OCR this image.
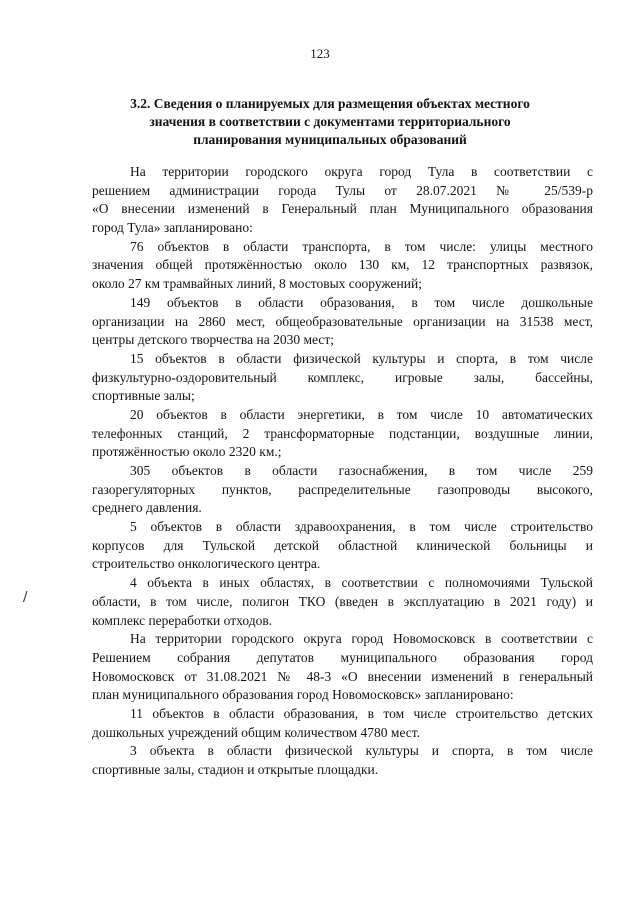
123
3.2. Сведения о планируемых для размещения объектах местного
значения в соответствии с документами территориального
планирования муниципальных образований
На территории городского округа город Тула в соответствии с
решением администрации города Тулы от 28.07.2021 № 25/539-р
«О внесении изменений в Генеральный план Муниципального образования
город Тула» запланировано:
76 объектов в области транспорта, в том числе: улицы местного
значения общей протяжённостью около 130 км, 12 транспортных развязок,
около 27 км трамвайных линий, 8 мостовых сооружений;
149 объектов в области образования, в том числе дошкольные
организации на 2860 мест, общеобразовательные организации на 31538 мест,
центры детского творчества на 2030 мест;
15 объектов в области физической культуры и спорта, в том числе
физкультурно-оздоровительный комплекс, игровые залы, бассейны,
спортивные залы;
20 объектов в области энергетики, в том числе 10 автоматических
телефонных станций, 2 трансформаторные подстанции, воздушные линии,
протяжённостью около 2320 км.;
305 объектов в области газоснабжения, в том числе 259
газорегуляторных пунктов, распределительные газопроводы высокого,
среднего давления.
5 объектов в области здравоохранения, в том числе строительство
корпусов для Тульской детской областной клинической больницы и
строительство онкологического центра.
4 объекта в иных областях, в соответствии с полномочиями Тульской
области, в том числе, полигон ТКО (введен в эксплуатацию в 2021 году) и
комплекс переработки отходов.
На территории городского округа город Новомосковск в соответствии с
Решением собрания депутатов муниципального образования город
Новомосковск от 31.08.2021 № 48-3 «О внесении изменений в генеральный
план муниципального образования город Новомосковск» запланировано:
11 объектов в области образования, в том числе строительство детских
дошкольных учреждений общим количеством 4780 мест.
3 объекта в области физической культуры и спорта, в том числе
спортивные залы, стадион и открытые площадки.
